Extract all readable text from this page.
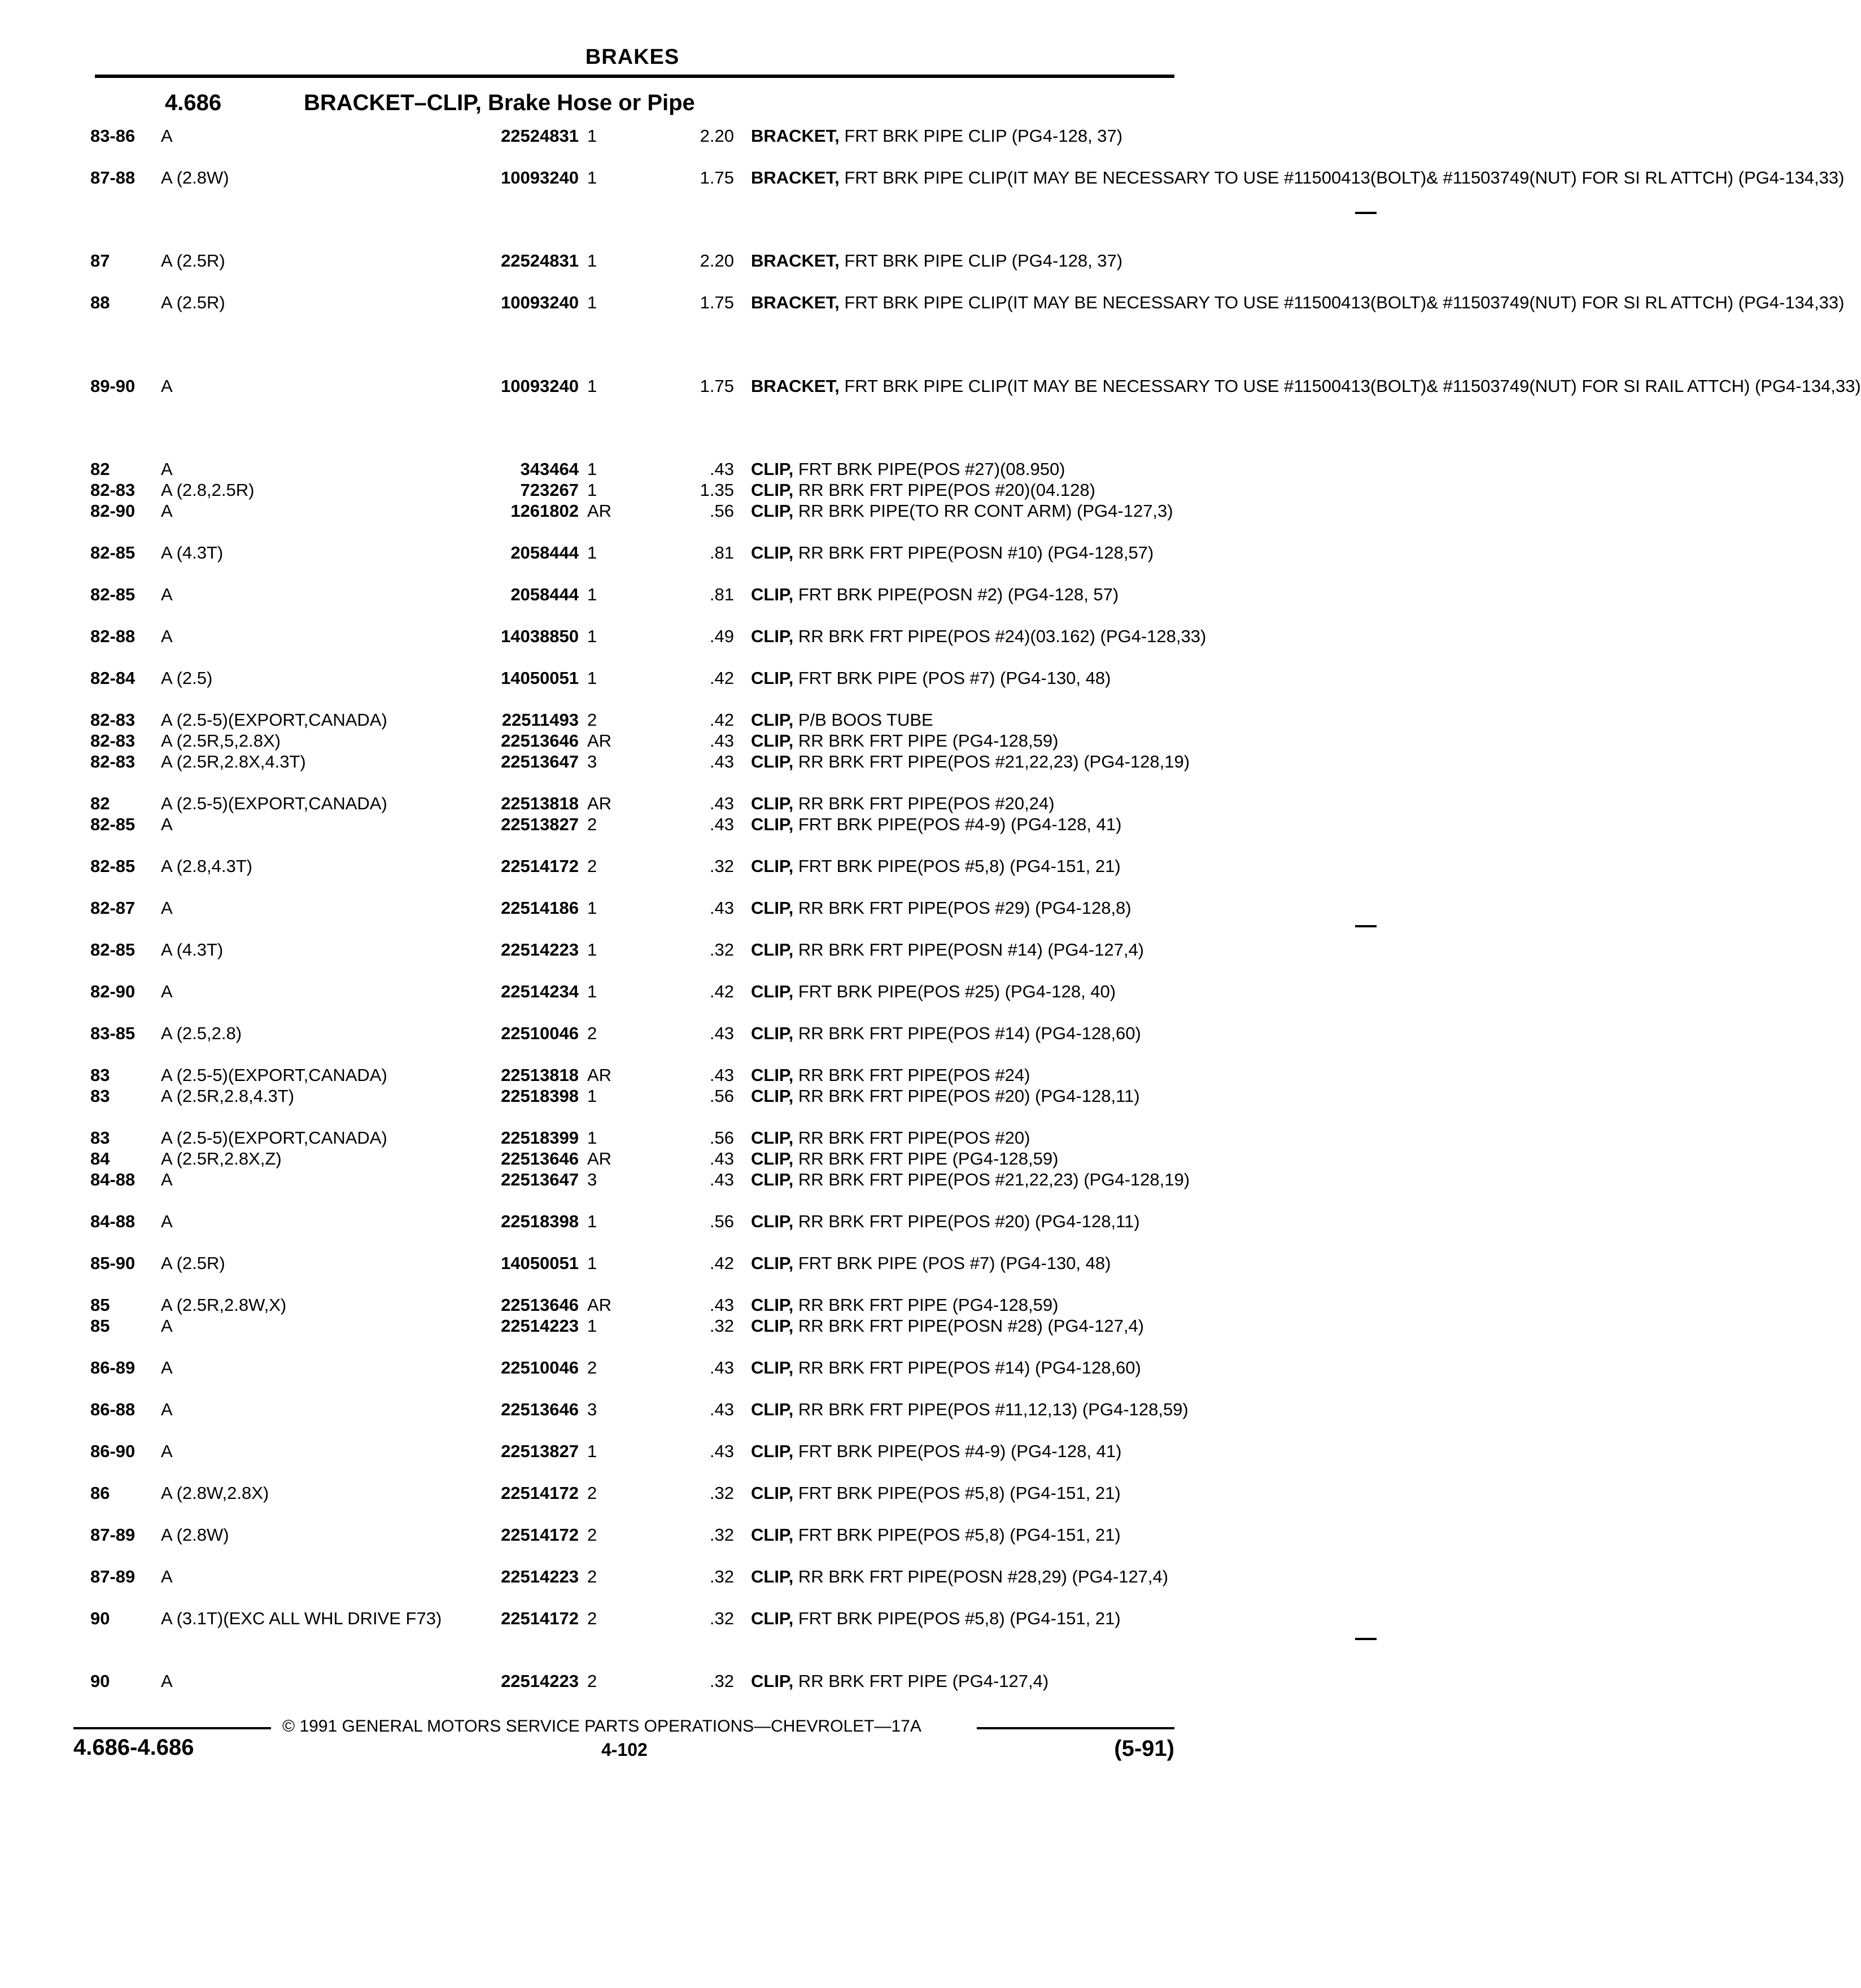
BRAKES
4.686	BRACKET–CLIP, Brake Hose or Pipe
83-86 A	22524831 1	2.20 BRACKET, FRT BRK PIPE CLIP (PG4-128, 37)
87-88 A (2.8W)	10093240 1	1.75 BRACKET, FRT BRK PIPE CLIP(IT MAY BE NECESSARY TO USE #11500413(BOLT)& #11503749(NUT) FOR SI RL ATTCH) (PG4-134,33)
87	A (2.5R)	22524831 1	2.20 BRACKET, FRT BRK PIPE CLIP (PG4-128, 37)
88	A (2.5R)	10093240 1	1.75 BRACKET, FRT BRK PIPE CLIP(IT MAY BE NECESSARY TO USE #11500413(BOLT)& #11503749(NUT) FOR SI RL ATTCH) (PG4-134,33)
89-90 A	10093240 1	1.75 BRACKET, FRT BRK PIPE CLIP(IT MAY BE NECESSARY TO USE #11500413(BOLT)& #11503749(NUT) FOR SI RAIL ATTCH) (PG4-134,33)
82	A	343464 1	.43 CLIP, FRT BRK PIPE(POS #27)(08.950)
82-83 A (2.8,2.5R)	723267 1	1.35 CLIP, RR BRK FRT PIPE(POS #20)(04.128)
82-90 A	1261802 AR	.56 CLIP, RR BRK PIPE(TO RR CONT ARM) (PG4-127,3)
82-85 A (4.3T)	2058444 1	.81 CLIP, RR BRK FRT PIPE(POSN #10) (PG4-128,57)
82-85 A	2058444 1	.81 CLIP, FRT BRK PIPE(POSN #2) (PG4-128, 57)
82-88 A	14038850 1	.49 CLIP, RR BRK FRT PIPE(POS #24)(03.162) (PG4-128,33)
82-84 A (2.5)	14050051 1	.42 CLIP, FRT BRK PIPE (POS #7) (PG4-130, 48)
82-83 A (2.5-5)(EXPORT,CANADA)	22511493 2	.42 CLIP, P/B BOOS TUBE
82-83 A (2.5R,5,2.8X)	22513646 AR	.43 CLIP, RR BRK FRT PIPE (PG4-128,59)
82-83 A (2.5R,2.8X,4.3T)	22513647 3	.43 CLIP, RR BRK FRT PIPE(POS #21,22,23) (PG4-128,19)
82	A (2.5-5)(EXPORT,CANADA)	22513818 AR	.43 CLIP, RR BRK FRT PIPE(POS #20,24)
82-85 A	22513827 2	.43 CLIP, FRT BRK PIPE(POS #4-9) (PG4-128, 41)
82-85 A (2.8,4.3T)	22514172 2	.32 CLIP, FRT BRK PIPE(POS #5,8) (PG4-151, 21)
82-87 A	22514186 1	.43 CLIP, RR BRK FRT PIPE(POS #29) (PG4-128,8)
82-85 A (4.3T)	22514223 1	.32 CLIP, RR BRK FRT PIPE(POSN #14) (PG4-127,4)
82-90 A	22514234 1	.42 CLIP, FRT BRK PIPE(POS #25) (PG4-128, 40)
83-85 A (2.5,2.8)	22510046 2	.43 CLIP, RR BRK FRT PIPE(POS #14) (PG4-128,60)
83	A (2.5-5)(EXPORT,CANADA)	22513818 AR	.43 CLIP, RR BRK FRT PIPE(POS #24)
83	A (2.5R,2.8,4.3T)	22518398 1	.56 CLIP, RR BRK FRT PIPE(POS #20) (PG4-128,11)
83	A (2.5-5)(EXPORT,CANADA)	22518399 1	.56 CLIP, RR BRK FRT PIPE(POS #20)
84	A (2.5R,2.8X,Z)	22513646 AR	.43 CLIP, RR BRK FRT PIPE (PG4-128,59)
84-88 A	22513647 3	.43 CLIP, RR BRK FRT PIPE(POS #21,22,23) (PG4-128,19)
84-88 A	22518398 1	.56 CLIP, RR BRK FRT PIPE(POS #20) (PG4-128,11)
85-90 A (2.5R)	14050051 1	.42 CLIP, FRT BRK PIPE (POS #7) (PG4-130, 48)
85	A (2.5R,2.8W,X)	22513646 AR	.43 CLIP, RR BRK FRT PIPE (PG4-128,59)
85	A	22514223 1	.32 CLIP, RR BRK FRT PIPE(POSN #28) (PG4-127,4)
86-89 A	22510046 2	.43 CLIP, RR BRK FRT PIPE(POS #14) (PG4-128,60)
86-88 A	22513646 3	.43 CLIP, RR BRK FRT PIPE(POS #11,12,13) (PG4-128,59)
86-90 A	22513827 1	.43 CLIP, FRT BRK PIPE(POS #4-9) (PG4-128, 41)
86	A (2.8W,2.8X)	22514172 2	.32 CLIP, FRT BRK PIPE(POS #5,8) (PG4-151, 21)
87-89 A (2.8W)	22514172 2	.32 CLIP, FRT BRK PIPE(POS #5,8) (PG4-151, 21)
87-89 A	22514223 2	.32 CLIP, RR BRK FRT PIPE(POSN #28,29) (PG4-127,4)
90	A (3.1T)(EXC ALL WHL DRIVE F73)	22514172 2	.32 CLIP, FRT BRK PIPE(POS #5,8) (PG4-151, 21)
90	A	22514223 2	.32 CLIP, RR BRK FRT PIPE (PG4-127,4)
© 1991 GENERAL MOTORS SERVICE PARTS OPERATIONS—CHEVROLET—17A
4.686-4.686	4-102	(5-91)
